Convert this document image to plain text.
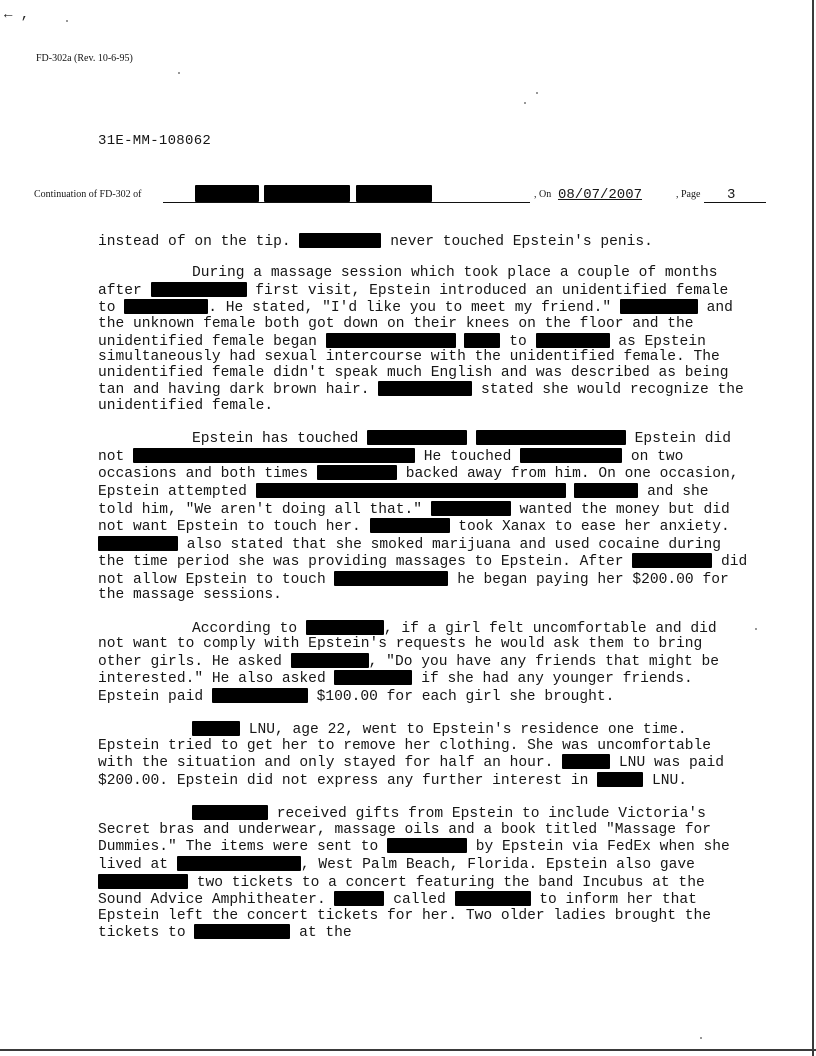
← ,
FD-302a (Rev. 10-6-95)
31E-MM-108062
Continuation of FD-302 of	, On 08/07/2007	, Page 3

instead of on the tip.	never touched Epstein's penis.

During a massage session which took place a couple of months after	first visit, Epstein introduced an unidentified female to	. He stated, "I'd like you to meet my friend."	and the unknown female both got down on their knees on the floor and the unidentified female began	to	as Epstein simultaneously had sexual intercourse with the unidentified female. The unidentified female didn't speak much English and was described as being tan and having dark brown hair.	stated she would recognize the unidentified female.

Epstein has touched	Epstein did not	He touched	on two occasions and both times	backed away from him. On one occasion, Epstein attempted	and she told him, "We aren't doing all that."	wanted the money but did not want Epstein to touch her.	took Xanax to ease her anxiety.  also stated that she smoked marijuana and used cocaine during the time period she was providing massages to Epstein. After	did not allow Epstein to touch	he began paying her $200.00 for the massage sessions.

According to	, if a girl felt uncomfortable and did not want to comply with Epstein's requests he would ask them to bring other girls. He asked	, "Do you have any friends that might be interested." He also asked	if she had any younger friends. Epstein paid	$100.00 for each girl she brought.

LNU, age 22, went to Epstein's residence one time. Epstein tried to get her to remove her clothing. She was uncomfortable with the situation and only stayed for half an hour.	LNU was paid $200.00. Epstein did not express any further interest in	LNU.

received gifts from Epstein to include Victoria's Secret bras and underwear, massage oils and a book titled "Massage for Dummies." The items were sent to	by Epstein via FedEx when she lived at	, West Palm Beach, Florida. Epstein also gave  two tickets to a concert featuring the band Incubus at the Sound Advice Amphitheater.	called	to inform her that Epstein left the concert tickets for her. Two older ladies brought the tickets to	at the
